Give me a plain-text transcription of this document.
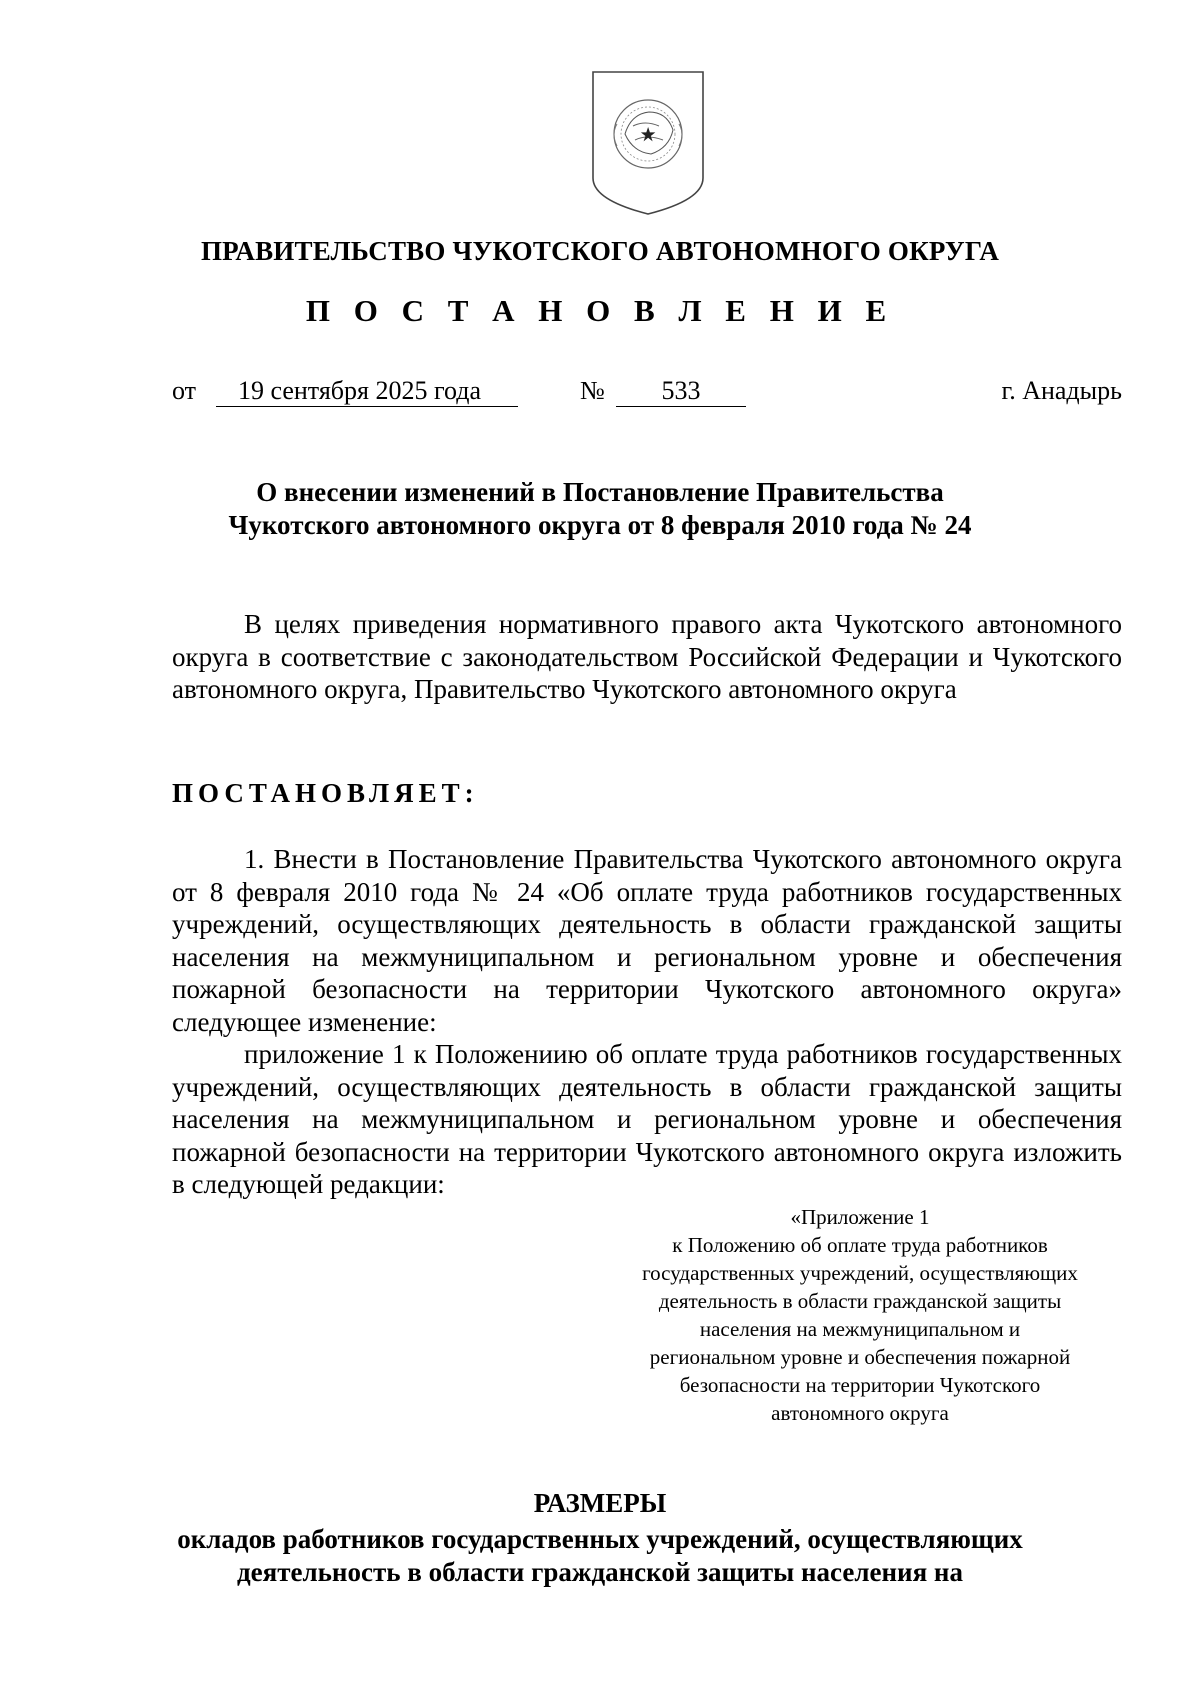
ПРАВИТЕЛЬСТВО ЧУКОТСКОГО АВТОНОМНОГО ОКРУГА
П О С Т А Н О В Л Е Н И Е
от	19 сентября 2025 года	№	533	г. Анадырь
О внесении изменений в Постановление Правительства
Чукотского автономного округа от 8 февраля 2010 года № 24

В целях приведения нормативного правого акта Чукотского автономного округа в соответствие с законодательством Российской Федерации и Чукотского автономного округа, Правительство Чукотского автономного округа

ПОСТАНОВЛЯЕТ:

1. Внести в Постановление Правительства Чукотского автономного округа от 8 февраля 2010 года № 24 «Об оплате труда работников государственных учреждений, осуществляющих деятельность в области гражданской защиты населения на межмуниципальном и региональном уровне и обеспечения пожарной безопасности на территории Чукотского автономного округа» следующее изменение:

приложение 1 к Положениию об оплате труда работников государственных учреждений, осуществляющих деятельность в области гражданской защиты населения на межмуниципальном и региональном уровне и обеспечения пожарной безопасности на территории Чукотского автономного округа изложить в следующей редакции:

«Приложение 1
к Положению об оплате труда работников
государственных учреждений, осуществляющих
деятельность в области гражданской защиты
населения на межмуниципальном и
региональном уровне и обеспечения пожарной
безопасности на территории Чукотского
автономного округа
РАЗМЕРЫ
окладов работников государственных учреждений, осуществляющих
деятельность в области гражданской защиты населения на
